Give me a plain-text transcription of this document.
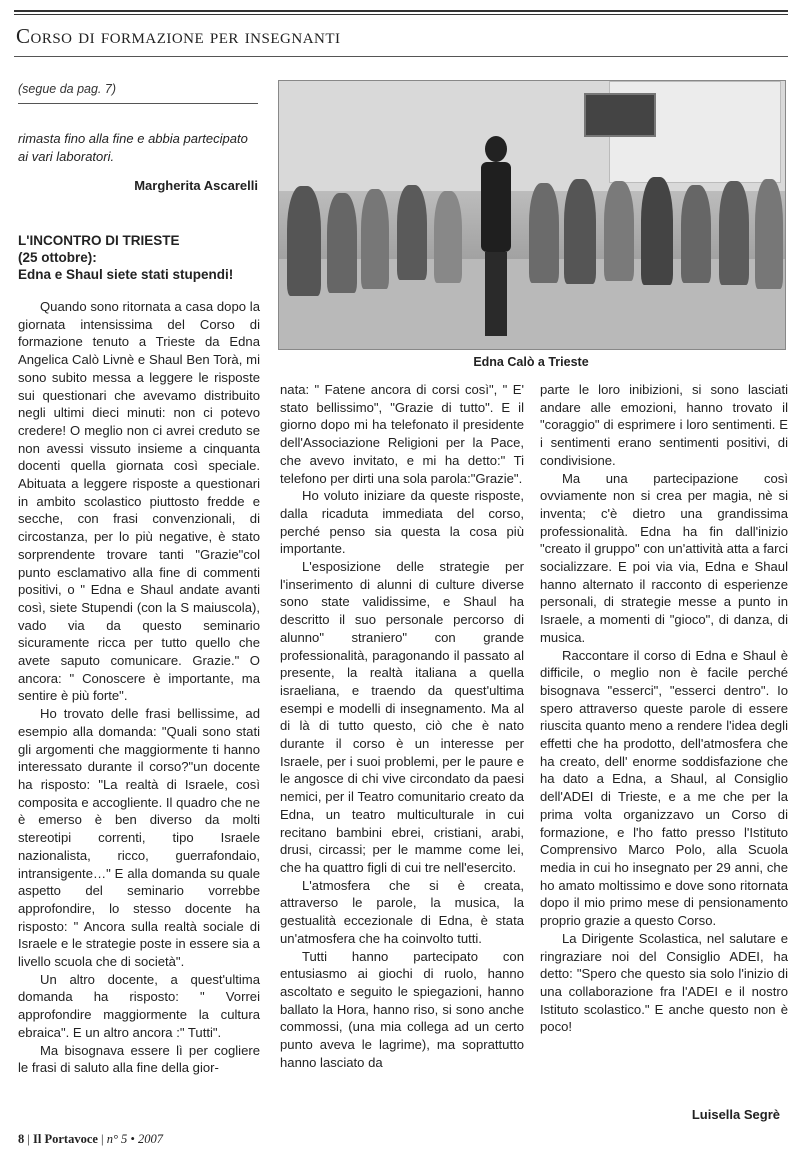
Corso di formazione per insegnanti
(segue da pag. 7)
rimasta fino alla fine e abbia partecipato ai vari laboratori.
Margherita Ascarelli
L'INCONTRO DI TRIESTE
(25 ottobre):
Edna e Shaul siete stati stupendi!
Edna Calò a Trieste

Quando sono ritornata a casa dopo la giornata intensissima del Corso di formazione tenuto a Trieste da Edna Angelica Calò Livnè e Shaul Ben Torà, mi sono subito messa a leggere le risposte sui questionari che avevamo distribuito negli ultimi dieci minuti: non ci potevo credere! O meglio non ci avrei creduto se non avessi vissuto insieme a cinquanta docenti quella giornata così speciale. Abituata a leggere risposte a questionari in ambito scolastico piuttosto fredde e secche, con frasi convenzionali, di circostanza, per lo più negative, è stato sorprendente trovare tanti "Grazie"col punto esclamativo alla fine di commenti positivi, o " Edna e Shaul andate avanti così, siete Stupendi (con la S maiuscola), vado via da questo seminario sicuramente ricca per tutto quello che avete saputo comunicare. Grazie." O ancora: " Conoscere è importante, ma sentire è più forte".

Ho trovato delle frasi bellissime, ad esempio alla domanda: "Quali sono stati gli argomenti che maggiormente ti hanno interessato durante il corso?"un docente ha risposto: "La realtà di Israele, così composita e accogliente. Il quadro che ne è emerso è ben diverso da molti stereotipi correnti, tipo Israele nazionalista, ricco, guerrafondaio, intransigente…" E alla domanda su quale aspetto del seminario vorrebbe approfondire, lo stesso docente ha risposto: " Ancora sulla realtà sociale di Israele e le strategie poste in essere sia a livello scuola che di società".

Un altro docente, a quest'ultima domanda ha risposto: " Vorrei approfondire maggiormente la cultura ebraica". E un altro ancora :" Tutti".

Ma bisognava essere lì per cogliere le frasi di saluto alla fine della gior-

nata: " Fatene ancora di corsi così", " E' stato bellissimo", "Grazie di tutto". E il giorno dopo mi ha telefonato il presidente dell'Associazione Religioni per la Pace, che avevo invitato, e mi ha detto:" Ti telefono per dirti una sola parola:"Grazie".

Ho voluto iniziare da queste risposte, dalla ricaduta immediata del corso, perché penso sia questa la cosa più importante.

L'esposizione delle strategie per l'inserimento di alunni di culture diverse sono state validissime, e Shaul ha descritto il suo personale percorso di alunno" straniero" con grande professionalità, paragonando il passato al presente, la realtà italiana a quella israeliana, e traendo da quest'ultima esempi e modelli di insegnamento. Ma al di là di tutto questo, ciò che è nato durante il corso è un interesse per Israele, per i suoi problemi, per le paure e le angosce di chi vive circondato da paesi nemici, per il Teatro comunitario creato da Edna, un teatro multiculturale in cui recitano bambini ebrei, cristiani, arabi, drusi, circassi; per le mamme come lei, che ha quattro figli di cui tre nell'esercito.

L'atmosfera che si è creata, attraverso le parole, la musica, la gestualità eccezionale di Edna, è stata un'atmosfera che ha coinvolto tutti.

Tutti hanno partecipato con entusiasmo ai giochi di ruolo, hanno ascoltato e seguito le spiegazioni, hanno ballato la Hora, hanno riso, si sono anche commossi, (una mia collega ad un certo punto aveva le lagrime), ma soprattutto hanno lasciato da

parte le loro inibizioni, si sono lasciati andare alle emozioni, hanno trovato il "coraggio" di esprimere i loro sentimenti. E i sentimenti erano sentimenti positivi, di condivisione.

Ma una partecipazione così ovviamente non si crea per magia, nè si inventa; c'è dietro una grandissima professionalità. Edna ha fin dall'inizio "creato il gruppo" con un'attività atta a farci socializzare. E poi via via, Edna e Shaul hanno alternato il racconto di esperienze personali, di strategie messe a punto in Israele, a momenti di "gioco", di danza, di musica.

Raccontare il corso di Edna e Shaul è difficile, o meglio non è facile perché bisognava "esserci", "esserci dentro". Io spero attraverso queste parole di essere riuscita quanto meno a rendere l'idea degli effetti che ha prodotto, dell'atmosfera che ha creato, dell' enorme soddisfazione che ha dato a Edna, a Shaul, al Consiglio dell'ADEI di Trieste, e a me che per la prima volta organizzavo un Corso di formazione, e l'ho fatto presso l'Istituto Comprensivo Marco Polo, alla Scuola media in cui ho insegnato per 29 anni, che ho amato moltissimo e dove sono ritornata dopo il mio primo mese di pensionamento proprio grazie a questo Corso.

La Dirigente Scolastica, nel salutare e ringraziare noi del Consiglio ADEI, ha detto: "Spero che questo sia solo l'inizio di una collaborazione fra l'ADEI e il nostro Istituto scolastico." E anche questo non è poco!

Luisella Segrè
8 | Il Portavoce | n° 5 • 2007
